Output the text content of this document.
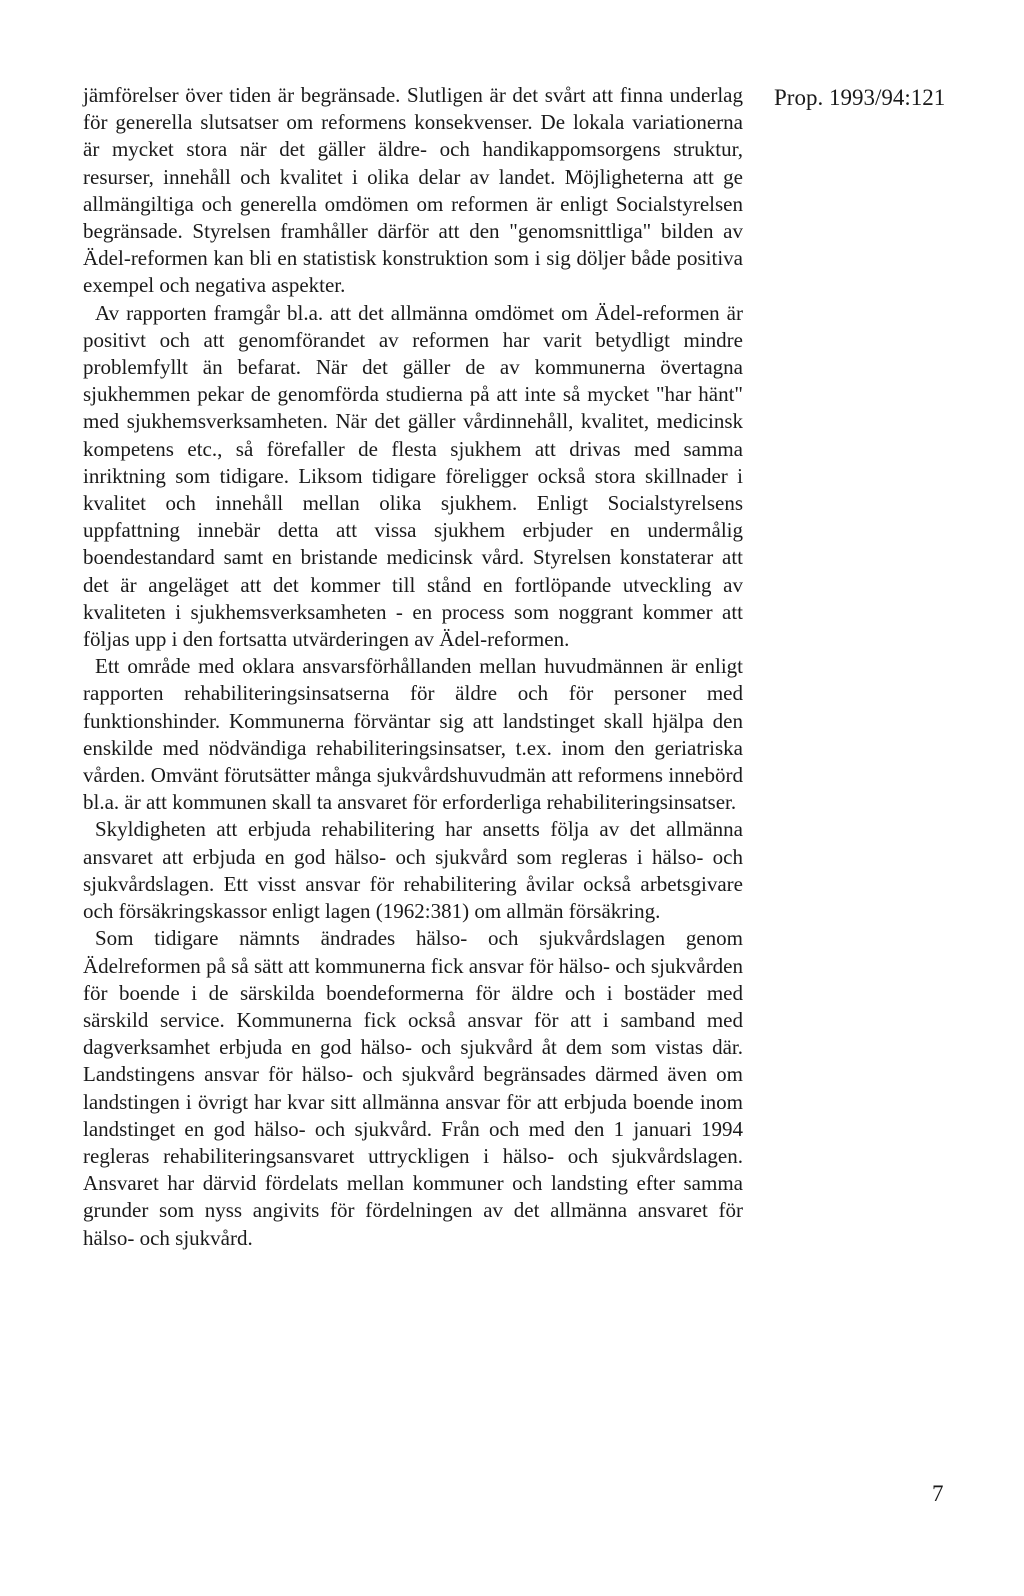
Prop. 1993/94:121

jämförelser över tiden är begränsade. Slutligen är det svårt att finna underlag för generella slutsatser om reformens konsekvenser. De lokala variationerna är mycket stora när det gäller äldre- och handikappomsorgens struktur, resurser, innehåll och kvalitet i olika delar av landet. Möjligheterna att ge allmängiltiga och generella omdömen om reformen är enligt Socialstyrelsen begränsade. Styrelsen framhåller därför att den "genomsnittliga" bilden av Ädel-reformen kan bli en statistisk konstruktion som i sig döljer både positiva exempel och negativa aspekter.

Av rapporten framgår bl.a. att det allmänna omdömet om Ädel-reformen är positivt och att genomförandet av reformen har varit betydligt mindre problemfyllt än befarat. När det gäller de av kommunerna övertagna sjukhemmen pekar de genomförda studierna på att inte så mycket "har hänt" med sjukhemsverksamheten. När det gäller vårdinnehåll, kvalitet, medicinsk kompetens etc., så förefaller de flesta sjukhem att drivas med samma inriktning som tidigare. Liksom tidigare föreligger också stora skillnader i kvalitet och innehåll mellan olika sjukhem. Enligt Socialstyrelsens uppfattning innebär detta att vissa sjukhem erbjuder en undermålig boendestandard samt en bristande medicinsk vård. Styrelsen konstaterar att det är angeläget att det kommer till stånd en fortlöpande utveckling av kvaliteten i sjukhemsverksamheten - en process som noggrant kommer att följas upp i den fortsatta utvärderingen av Ädel-reformen.

Ett område med oklara ansvarsförhållanden mellan huvudmännen är enligt rapporten rehabiliteringsinsatserna för äldre och för personer med funktionshinder. Kommunerna förväntar sig att landstinget skall hjälpa den enskilde med nödvändiga rehabiliteringsinsatser, t.ex. inom den geriatriska vården. Omvänt förutsätter många sjukvårdshuvudmän att reformens innebörd bl.a. är att kommunen skall ta ansvaret för erforderliga rehabiliteringsinsatser.

Skyldigheten att erbjuda rehabilitering har ansetts följa av det allmänna ansvaret att erbjuda en god hälso- och sjukvård som regleras i hälso- och sjukvårdslagen. Ett visst ansvar för rehabilitering åvilar också arbetsgivare och försäkringskassor enligt lagen (1962:381) om allmän försäkring.

Som tidigare nämnts ändrades hälso- och sjukvårdslagen genom Ädelreformen på så sätt att kommunerna fick ansvar för hälso- och sjukvården för boende i de särskilda boendeformerna för äldre och i bostäder med särskild service. Kommunerna fick också ansvar för att i samband med dagverksamhet erbjuda en god hälso- och sjukvård åt dem som vistas där. Landstingens ansvar för hälso- och sjukvård begränsades därmed även om landstingen i övrigt har kvar sitt allmänna ansvar för att erbjuda boende inom landstinget en god hälso- och sjukvård. Från och med den 1 januari 1994 regleras rehabiliteringsansvaret uttryckligen i hälso- och sjukvårdslagen. Ansvaret har därvid fördelats mellan kommuner och landsting efter samma grunder som nyss angivits för fördelningen av det allmänna ansvaret för hälso- och sjukvård.

7
